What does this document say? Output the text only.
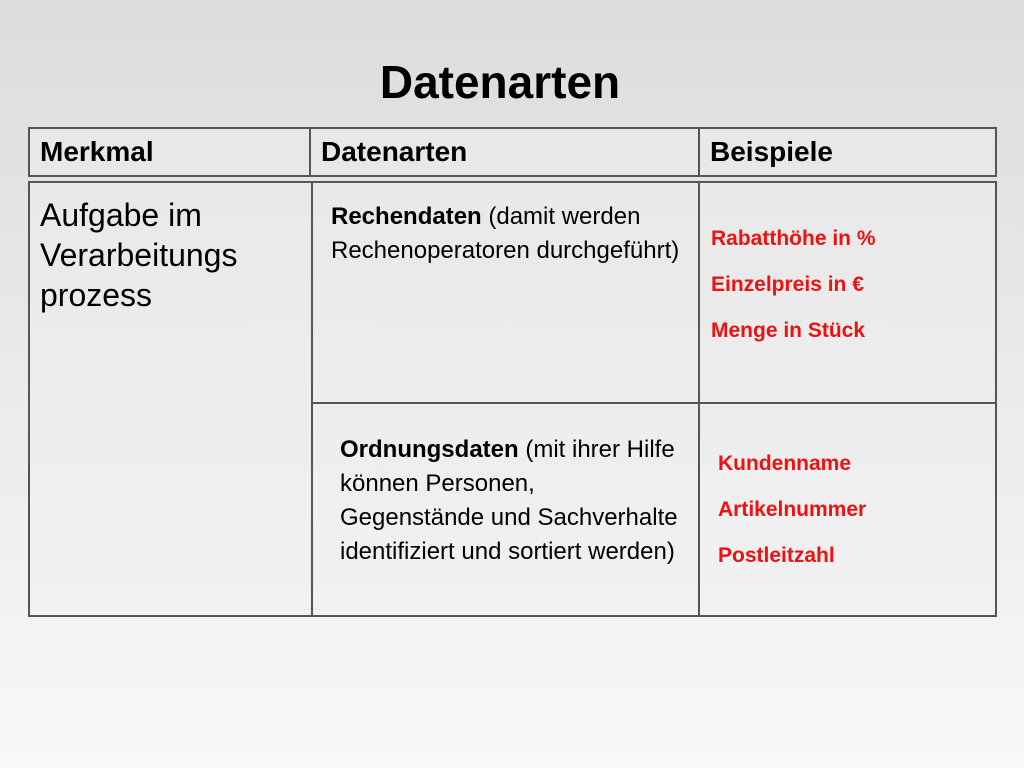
Datenarten
Merkmal	Datenarten	Beispiele
Aufgabe im
Verarbeitungs
prozess
Rechendaten (damit werden Rechenoperatoren durchgeführt) Rabatthöhe in %
Einzelpreis in €
Menge in Stück
Ordnungsdaten (mit ihrer Hilfe können Personen, Gegenstände und Sachverhalte identifiziert und sortiert werden)
Kundenname
Artikelnummer
Postleitzahl
